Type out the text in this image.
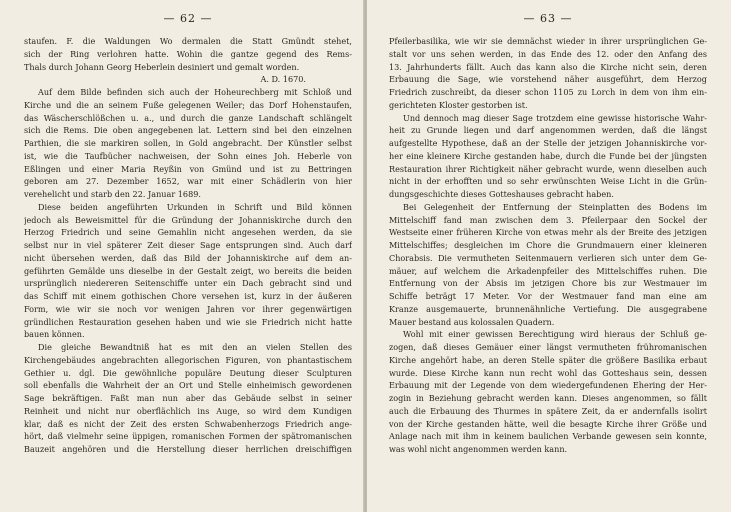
— 62 —
staufen. F. die Waldungen Wo dermalen die Statt Gmündt stehet,
sich der Ring verlohren hatte. Wohin die gantze gegend des Rems-
Thals durch Johann Georg Heberlein desiniert und gemalt worden.
A. D. 1670.
Auf dem Bilde befinden sich auch der Hoheurechberg mit Schloß und
Kirche und die an seinem Fuße gelegenen Weiler; das Dorf Hohenstaufen,
das Wäscherschlößchen u. a., und durch die ganze Landschaft schlängelt
sich die Rems. Die oben angegebenen lat. Lettern sind bei den einzelnen
Parthien, die sie markiren sollen, in Gold angebracht. Der Künstler selbst
ist, wie die Taufbücher nachweisen, der Sohn eines Joh. Heberle von
Eßlingen und einer Maria Reyßin von Gmünd und ist zu Bettringen
geboren am 27. Dezember 1652, war mit einer Schädlerin von hier
verehelicht und starb den 22. Januar 1689.
Diese beiden angeführten Urkunden in Schrift und Bild können
jedoch als Beweismittel für die Gründung der Johanniskirche durch den
Herzog Friedrich und seine Gemahlin nicht angesehen werden, da sie
selbst nur in viel späterer Zeit dieser Sage entsprungen sind. Auch darf
nicht übersehen werden, daß das Bild der Johanniskirche auf dem an-
geführten Gemälde uns dieselbe in der Gestalt zeigt, wo bereits die beiden
ursprünglich niedereren Seitenschiffe unter ein Dach gebracht sind und
das Schiff mit einem gothischen Chore versehen ist, kurz in der äußeren
Form, wie wir sie noch vor wenigen Jahren vor ihrer gegenwärtigen
gründlichen Restauration gesehen haben und wie sie Friedrich nicht hatte
bauen können.
Die gleiche Bewandtniß hat es mit den an vielen Stellen des
Kirchengebäudes angebrachten allegorischen Figuren, von phantastischem
Gethier u. dgl. Die gewöhnliche populäre Deutung dieser Sculpturen
soll ebenfalls die Wahrheit der an Ort und Stelle einheimisch gewordenen
Sage bekräftigen. Faßt man nun aber das Gebäude selbst in seiner
Reinheit und nicht nur oberflächlich ins Auge, so wird dem Kundigen
klar, daß es nicht der Zeit des ersten Schwabenherzogs Friedrich ange-
hört, daß vielmehr seine üppigen, romanischen Formen der spätromanischen
Bauzeit angehören und die Herstellung dieser herrlichen dreischiffigen
— 63 —
Pfeilerbasilika, wie wir sie demnächst wieder in ihrer ursprünglichen Ge-
stalt vor uns sehen werden, in das Ende des 12. oder den Anfang des
13. Jahrhunderts fällt. Auch das kann also die Kirche nicht sein, deren
Erbauung die Sage, wie vorstehend näher ausgeführt, dem Herzog
Friedrich zuschreibt, da dieser schon 1105 zu Lorch in dem von ihm ein-
gerichteten Kloster gestorben ist.
Und dennoch mag dieser Sage trotzdem eine gewisse historische Wahr-
heit zu Grunde liegen und darf angenommen werden, daß die längst
aufgestellte Hypothese, daß an der Stelle der jetzigen Johanniskirche vor-
her eine kleinere Kirche gestanden habe, durch die Funde bei der jüngsten
Restauration ihrer Richtigkeit näher gebracht wurde, wenn dieselben auch
nicht in der erhofften und so sehr erwünschten Weise Licht in die Grün-
dungsgeschichte dieses Gotteshauses gebracht haben.
Bei Gelegenheit der Entfernung der Steinplatten des Bodens im
Mittelschiff fand man zwischen dem 3. Pfeilerpaar den Sockel der
Westseite einer früheren Kirche von etwas mehr als der Breite des jetzigen
Mittelschiffes; desgleichen im Chore die Grundmauern einer kleineren
Chorabsis. Die vermutheten Seitenmauern verlieren sich unter dem Ge-
mäuer, auf welchem die Arkadenpfeiler des Mittelschiffes ruhen. Die
Entfernung von der Absis im jetzigen Chore bis zur Westmauer im
Schiffe beträgt 17 Meter. Vor der Westmauer fand man eine am
Kranze ausgemauerte, brunnenähnliche Vertiefung. Die ausgegrabene
Mauer bestand aus kolossalen Quadern.
Wohl mit einer gewissen Berechtigung wird hieraus der Schluß ge-
zogen, daß dieses Gemäuer einer längst vermutheten frühromanischen
Kirche angehört habe, an deren Stelle später die größere Basilika erbaut
wurde. Diese Kirche kann nun recht wohl das Gotteshaus sein, dessen
Erbauung mit der Legende von dem wiedergefundenen Ehering der Her-
zogin in Beziehung gebracht werden kann. Dieses angenommen, so fällt
auch die Erbauung des Thurmes in spätere Zeit, da er andernfalls isolirt
von der Kirche gestanden hätte, weil die besagte Kirche ihrer Größe und
Anlage nach mit ihm in keinem baulichen Verbande gewesen sein konnte,
was wohl nicht angenommen werden kann.
